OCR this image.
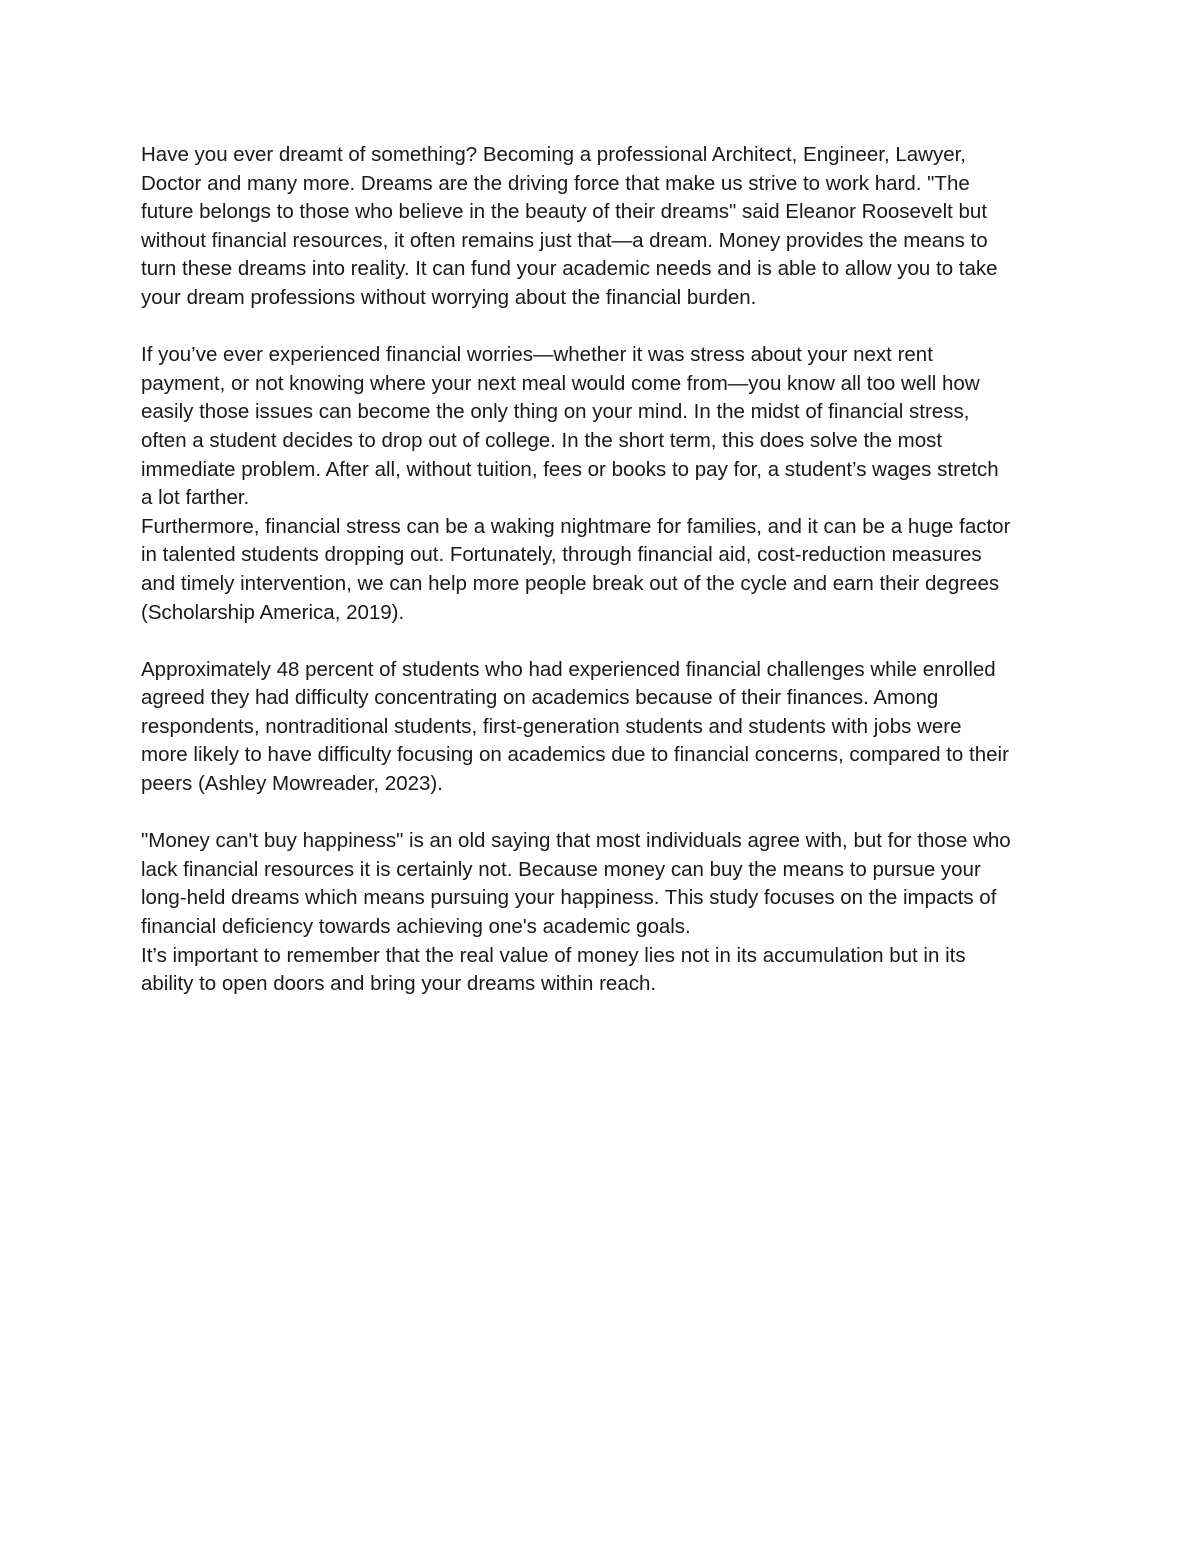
Have you ever dreamt of something? Becoming a professional Architect, Engineer, Lawyer,
Doctor and many more. Dreams are the driving force that make us strive to work hard. "The
future belongs to those who believe in the beauty of their dreams" said Eleanor Roosevelt but
without financial resources, it often remains just that—a dream. Money provides the means to
turn these dreams into reality. It can fund your academic needs and is able to allow you to take
your dream professions without worrying about the financial burden.

If you’ve ever experienced financial worries—whether it was stress about your next rent
payment, or not knowing where your next meal would come from—you know all too well how
easily those issues can become the only thing on your mind. In the midst of financial stress,
often a student decides to drop out of college. In the short term, this does solve the most
immediate problem. After all, without tuition, fees or books to pay for, a student’s wages stretch
a lot farther.

Furthermore, financial stress can be a waking nightmare for families, and it can be a huge factor
in talented students dropping out. Fortunately, through financial aid, cost-reduction measures
and timely intervention, we can help more people break out of the cycle and earn their degrees
(Scholarship America, 2019).

Approximately 48 percent of students who had experienced financial challenges while enrolled
agreed they had difficulty concentrating on academics because of their finances. Among
respondents, nontraditional students, first-generation students and students with jobs were
more likely to have difficulty focusing on academics due to financial concerns, compared to their
peers (Ashley Mowreader, 2023).

"Money can't buy happiness" is an old saying that most individuals agree with, but for those who
lack financial resources it is certainly not. Because money can buy the means to pursue your
long-held dreams which means pursuing your happiness. This study focuses on the impacts of
financial deficiency towards achieving one's academic goals.

It’s important to remember that the real value of money lies not in its accumulation but in its
ability to open doors and bring your dreams within reach.
